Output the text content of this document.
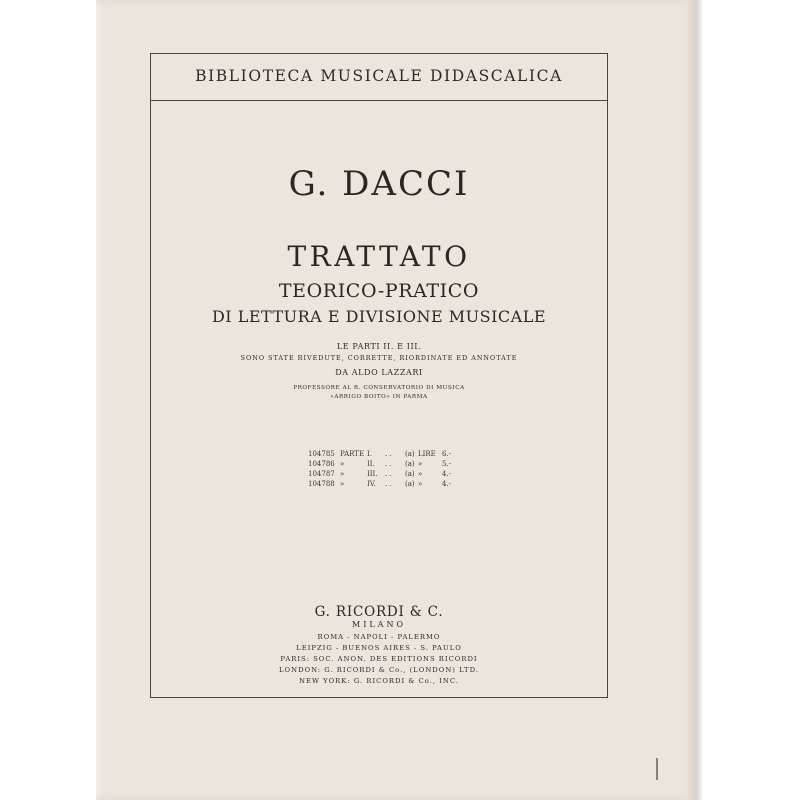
BIBLIOTECA MUSICALE DIDASCALICA
G. DACCI
TRATTATO
TEORICO-PRATICO
DI LETTURA E DIVISIONE MUSICALE
LE PARTI II. E III.
SONO STATE RIVEDUTE, CORRETTE, RIORDINATE ED ANNOTATE
DA ALDO LAZZARI
PROFESSORE AL R. CONSERVATORIO DI MUSICA
«ARRIGO BOITO» IN PARMA
104785 PARTE I.	. .	(a) LIRE 6.-
104786 »	II.	. .	(a) »	5.-
104787 »	III.	. .	(a) »	4.-
104788 »	IV.	. .	(a) »	4.-
G. RICORDI & C.
MILANO
ROMA - NAPOLI - PALERMO
LEIPZIG - BUENOS AIRES - S. PAULO
PARIS: SOC. ANON. DES EDITIONS RICORDI
LONDON: G. RICORDI & Co., (LONDON) LTD.
NEW YORK: G. RICORDI & Co., INC.
